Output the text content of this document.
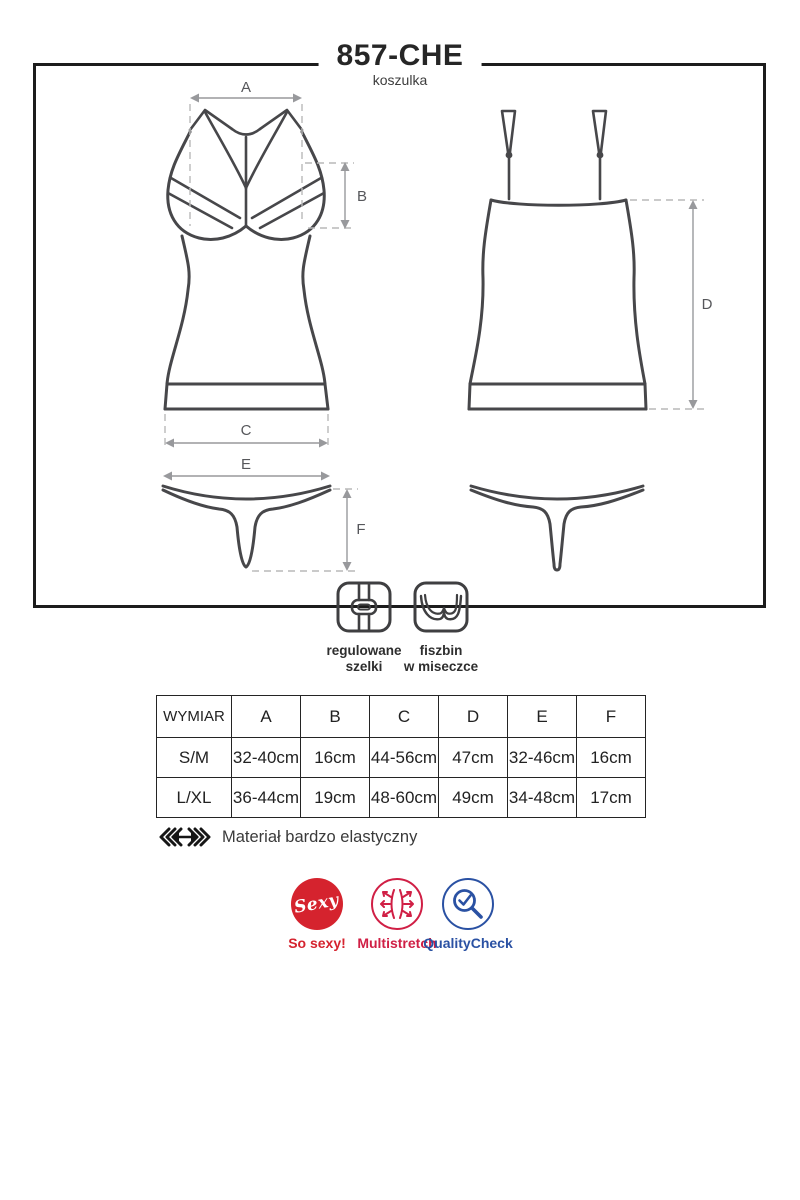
857-CHE
koszulka
A
B
C
D
E
F
regulowane
szelki
fiszbin
w miseczce
WYMIAR	A	B	C	D	E	F
S/M	32-40cm	16cm	44-56cm	47cm	32-46cm	16cm
L/XL	36-44cm	19cm	48-60cm	49cm	34-48cm	17cm
Materiał bardzo elastyczny
Sexy
So sexy! Multistretch
QualityCheck
